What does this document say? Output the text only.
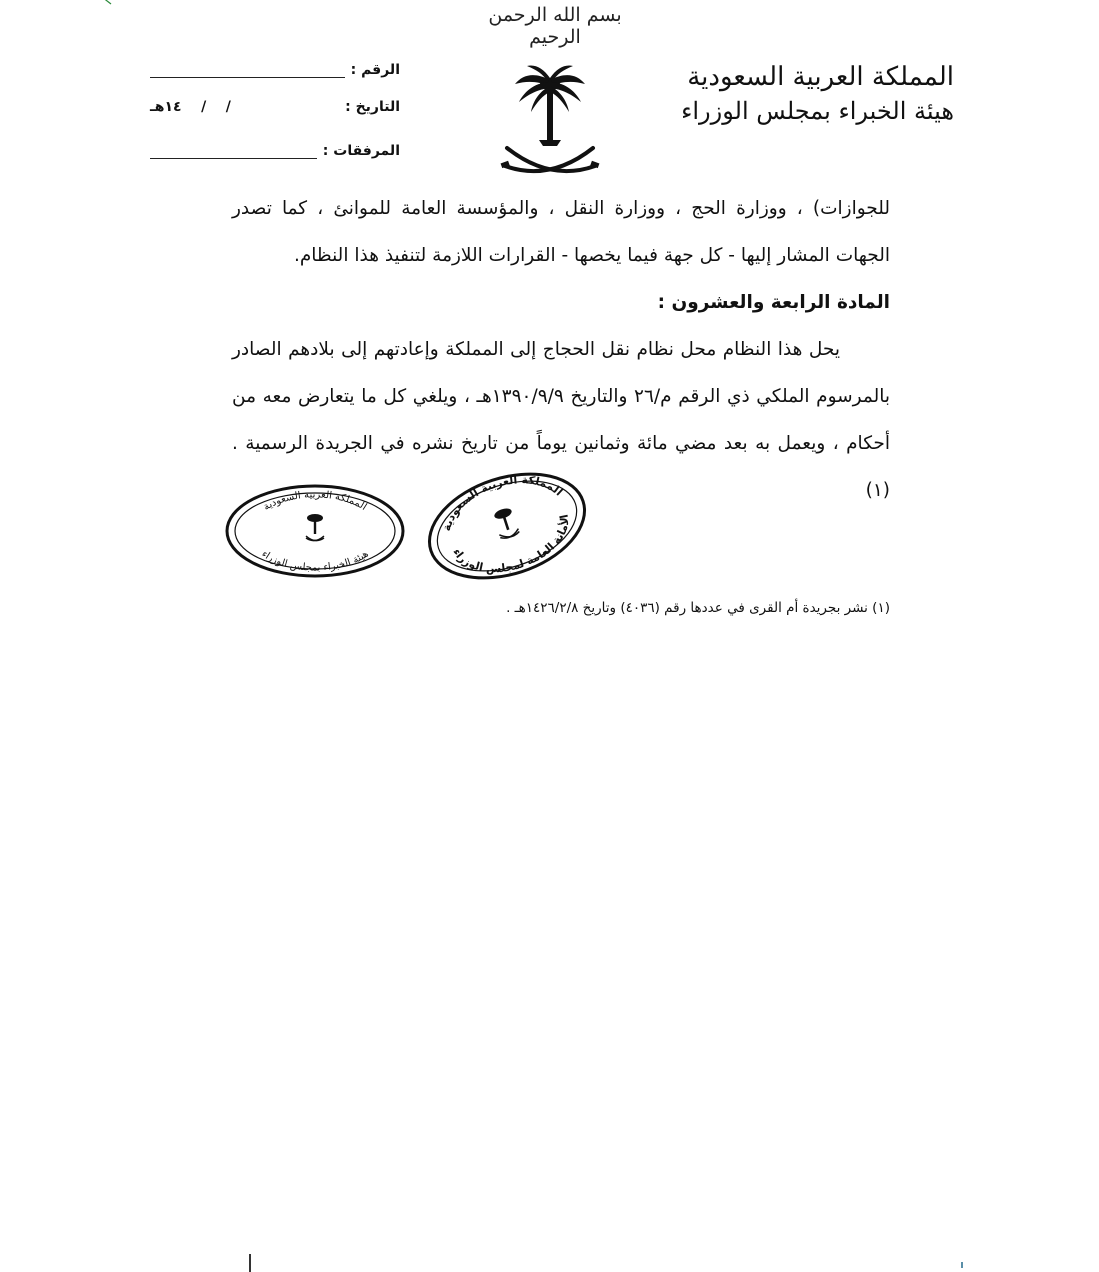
بسم الله الرحمن الرحيم
المملكة العربية السعودية
هيئة الخبراء بمجلس الوزراء
الرقم :
التاريخ :
/    /    ١٤هـ
المرفقات :

للجوازات) ، ووزارة الحج ، ووزارة النقل ، والمؤسسة العامة للموانئ ، كما تصدر الجهات المشار إليها - كل جهة فيما يخصها - القرارات اللازمة لتنفيذ هذا النظام.

المادة الرابعة والعشرون :

يحل هذا النظام محل نظام نقل الحجاج إلى المملكة وإعادتهم إلى بلادهم الصادر بالمرسوم الملكي ذي الرقم م/٢٦ والتاريخ ١٣٩٠/٩/٩هـ ، ويلغي كل ما يتعارض معه من أحكام ، ويعمل به بعد مضي مائة وثمانين يوماً من تاريخ نشره في الجريدة الرسمية .(١)

المملكة العربية السعودية
هيئة الخبراء بمجلس الوزراء
المملكة العربية السعودية
الأمانة العامة لمجلس الوزراء
(١) نشر بجريدة أم القرى في عددها رقم (٤٠٣٦) وتاريخ ١٤٢٦/٢/٨هـ .
